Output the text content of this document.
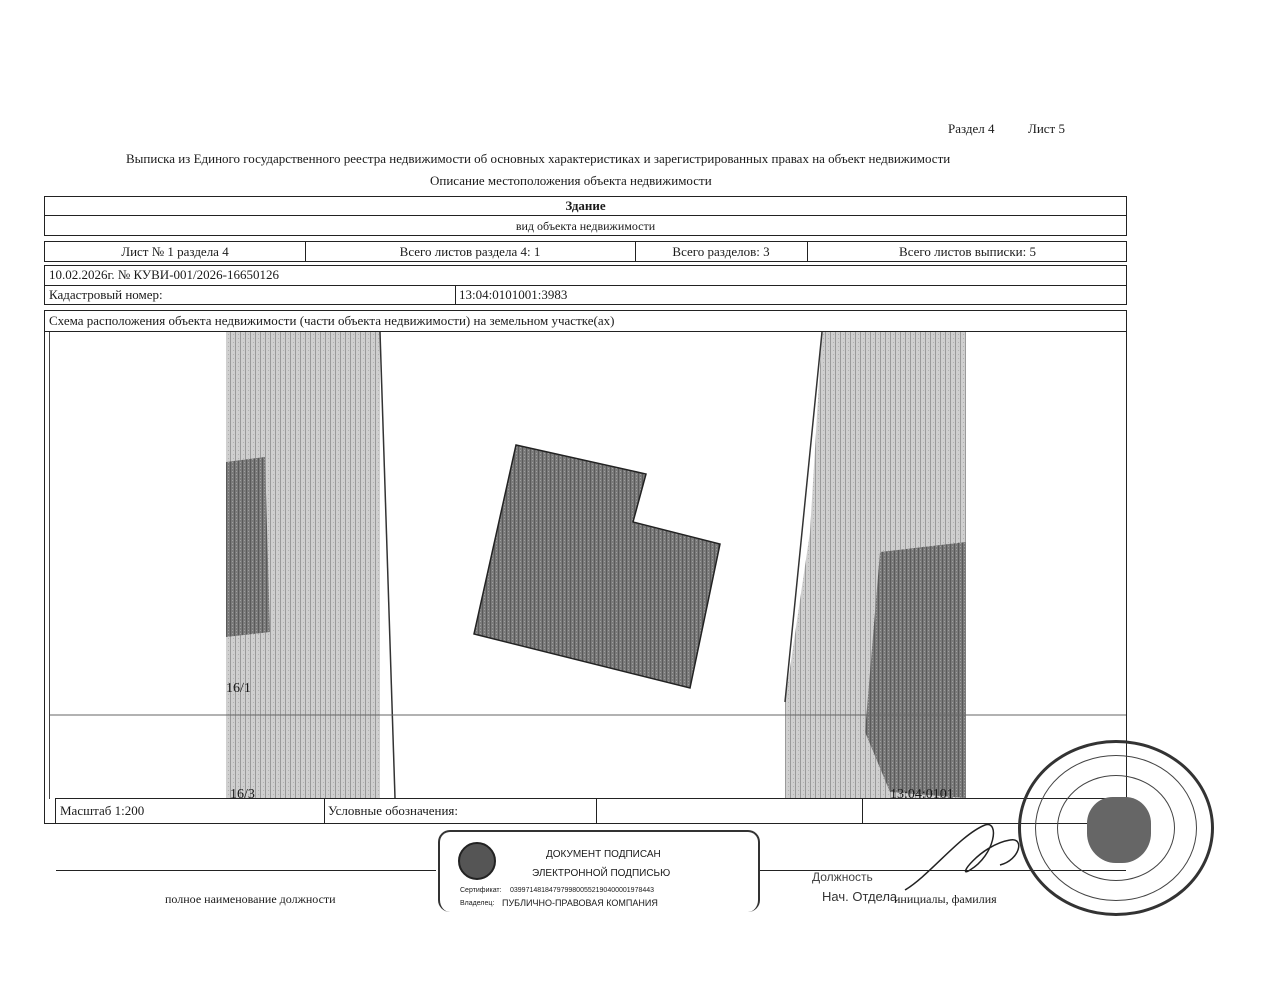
Раздел 4	Лист 5
Выписка из Единого государственного реестра недвижимости об основных характеристиках и зарегистрированных правах на объект недвижимости
Описание местоположения объекта недвижимости
Здание
вид объекта недвижимости
Лист № 1 раздела 4	Всего листов раздела 4: 1	Всего разделов: 3	Всего листов выписки: 5
10.02.2026г. № КУВИ-001/2026-16650126
Кадастровый номер:	13:04:0101001:3983
Схема расположения объекта недвижимости (части объекта недвижимости) на земельном участке(ах)
16/1
16/3	13:04:0101
Масштаб 1:200	Условные обозначения:
полное наименование должности
ДОКУМЕНТ ПОДПИСАН
ЭЛЕКТРОННОЙ ПОДПИСЬЮ
Сертификат: 0399714818479799800552190400001978443
Владелец: ПУБЛИЧНО-ПРАВОВАЯ КОМПАНИЯ
Должность
Нач. Отдела
инициалы, фамилия
